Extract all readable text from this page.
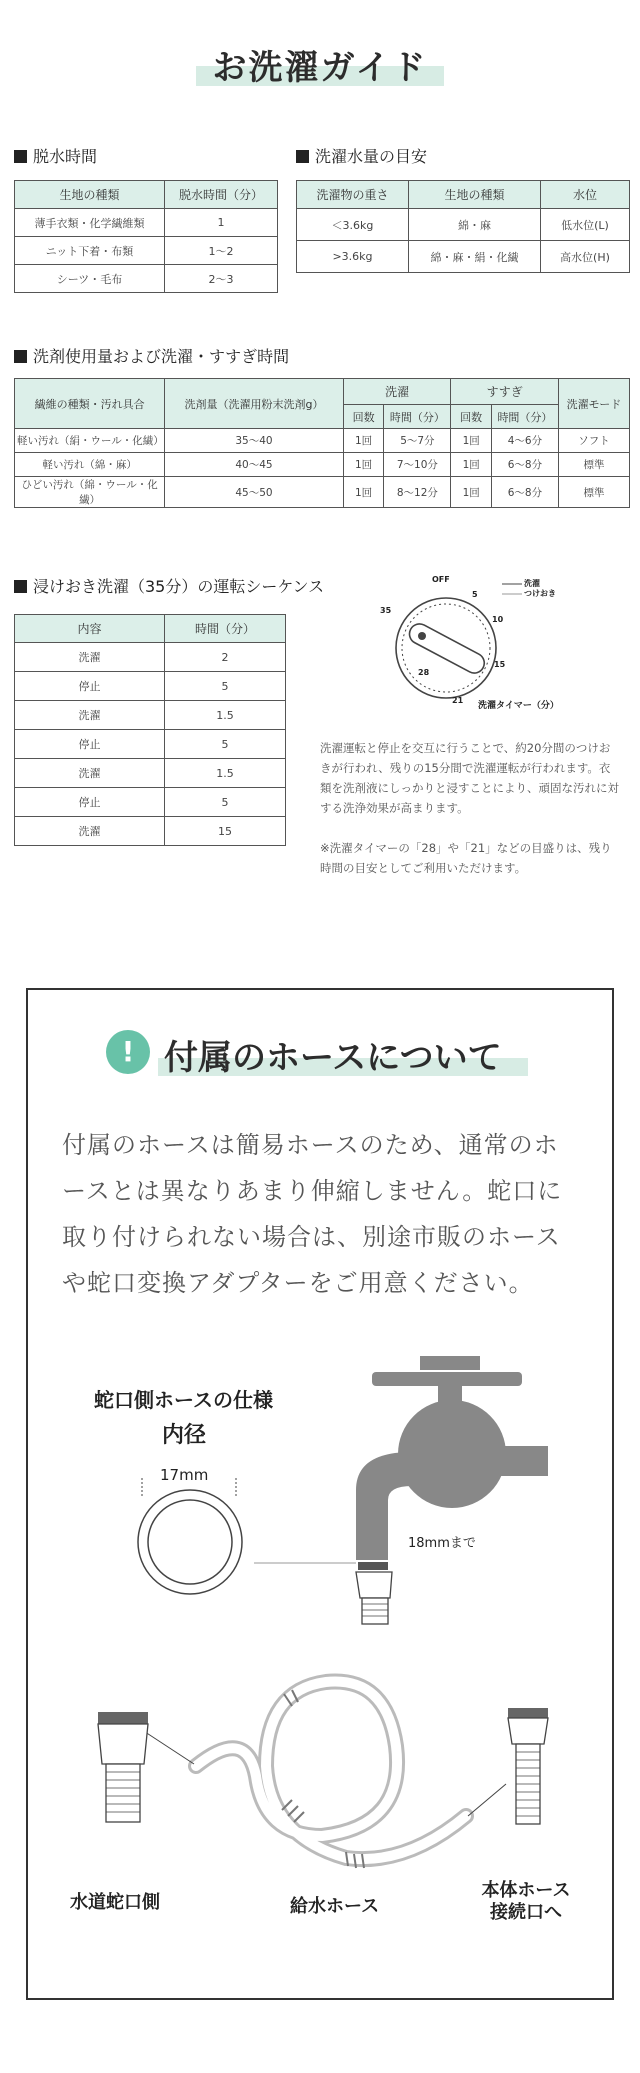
お洗濯ガイド
脱水時間
生地の種類	脱水時間（分）
薄手衣類・化学繊維類	1
ニット下着・布類	1〜2
シーツ・毛布	2〜3
洗濯水量の目安
洗濯物の重さ	生地の種類	水位
＜3.6kg	綿・麻	低水位(L)
>3.6kg	綿・麻・絹・化繊	高水位(H)
洗剤使用量および洗濯・すすぎ時間
繊維の種類・汚れ具合	洗剤量（洗濯用粉末洗剤g）	洗濯		すすぎ		洗濯モード
		回数	時間（分）	回数	時間（分）	
軽い汚れ（絹・ウール・化繊）	35〜40	1回	5〜7分	1回	4〜6分	ソフト
軽い汚れ（綿・麻）	40〜45	1回	7〜10分	1回	6〜8分	標準
ひどい汚れ（綿・ウール・化繊）	45〜50	1回	8〜12分	1回	6〜8分	標準
浸けおき洗濯（35分）の運転シーケンス
内容	時間（分）
洗濯	2
停止	5
洗濯	1.5
停止	5
洗濯	1.5
停止	5
洗濯	15
OFF
5
10
15
21
28
35
洗濯
つけおき
洗濯タイマー（分）
洗濯運転と停止を交互に行うことで、約20分間のつけおきが行われ、残りの15分間で洗濯運転が行われます。衣類を洗剤液にしっかりと浸すことにより、頑固な汚れに対する洗浄効果が高まります。
※洗濯タイマーの「28」や「21」などの目盛りは、残り時間の目安としてご利用いただけます。
! 付属のホースについて
付属のホースは簡易ホースのため、通常のホースとは異なりあまり伸縮しません。蛇口に取り付けられない場合は、別途市販のホースや蛇口変換アダプターをご用意ください。
蛇口側ホースの仕様
内径
17mm
18mmまで
水道蛇口側	給水ホース
本体ホース
接続口へ
